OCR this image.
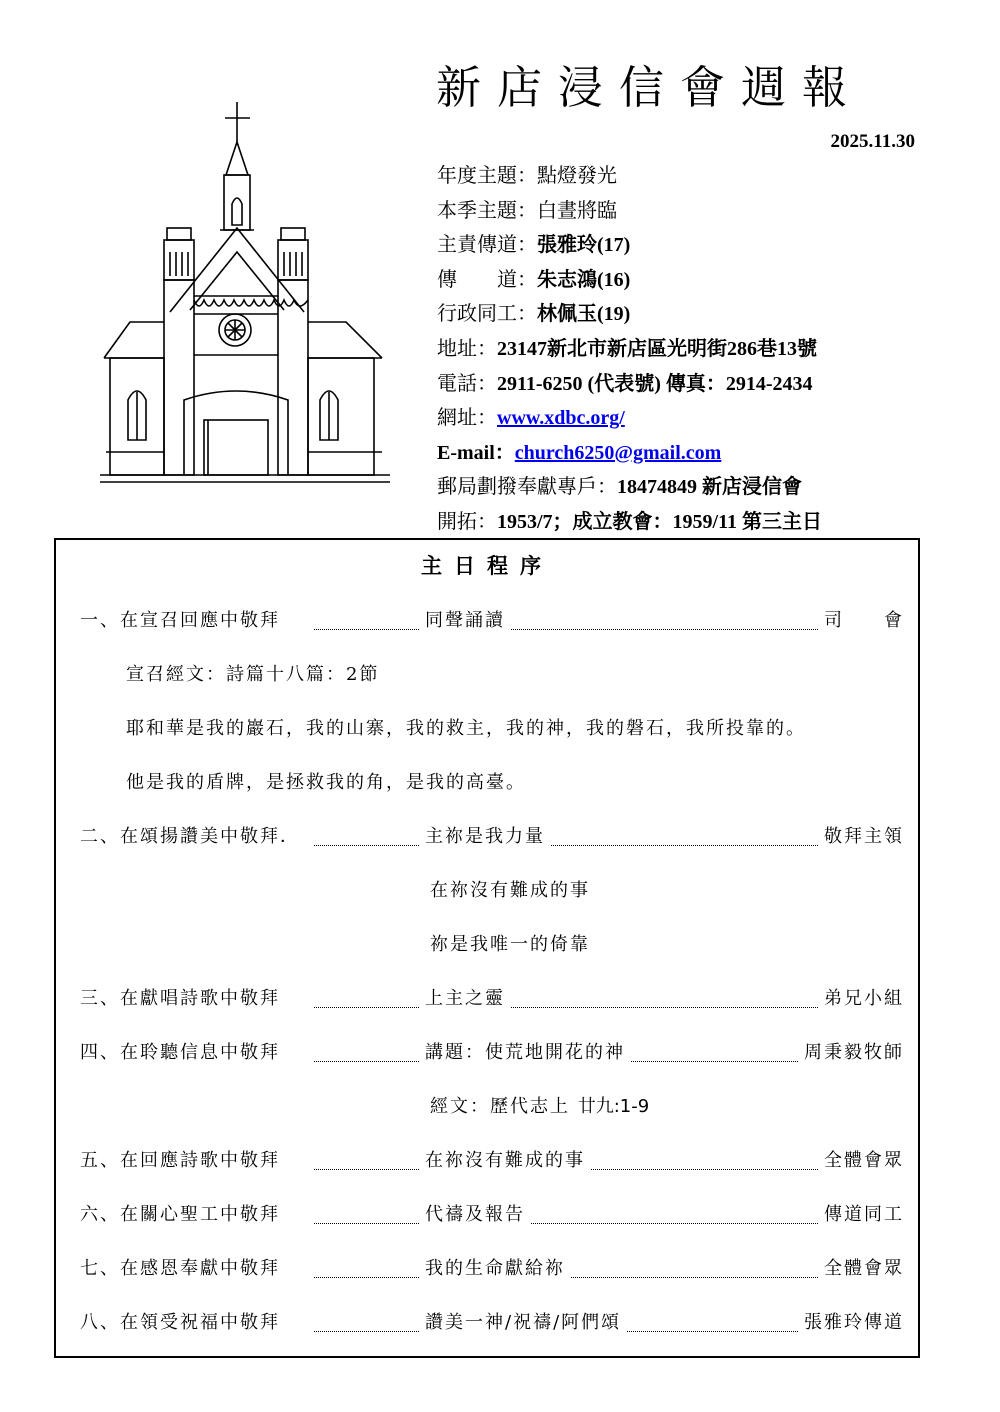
新店浸信會週報
2025.11.30
年度主題：點燈發光
本季主題：白晝將臨
主責傳道：張雅玲(17)
傳　　道：朱志鴻(16)
行政同工：林佩玉(19)
地址：23147新北市新店區光明街286巷13號
電話：2911-6250 (代表號) 傳真：2914-2434
網址：www.xdbc.org/
E-mail：church6250@gmail.com
郵局劃撥奉獻專戶：18474849 新店浸信會
開拓：1953/7；成立教會：1959/11 第三主日
主日程序
一、在宣召回應中敬拜	同聲誦讀	司　　會
宣召經文：詩篇十八篇：2節
耶和華是我的巖石，我的山寨，我的救主，我的神，我的磐石，我所投靠的。
他是我的盾牌，是拯救我的角，是我的高臺。
二、在頌揚讚美中敬拜．	主祢是我力量	敬拜主領
在祢沒有難成的事
祢是我唯一的倚靠
三、在獻唱詩歌中敬拜	上主之靈	弟兄小組
四、在聆聽信息中敬拜	講題：使荒地開花的神	周秉毅牧師
經文：歷代志上 廿九:1-9
五、在回應詩歌中敬拜	在祢沒有難成的事	全體會眾
六、在關心聖工中敬拜	代禱及報告	傳道同工
七、在感恩奉獻中敬拜	我的生命獻給祢	全體會眾
八、在領受祝福中敬拜	讚美一神/祝禱/阿們頌	張雅玲傳道
